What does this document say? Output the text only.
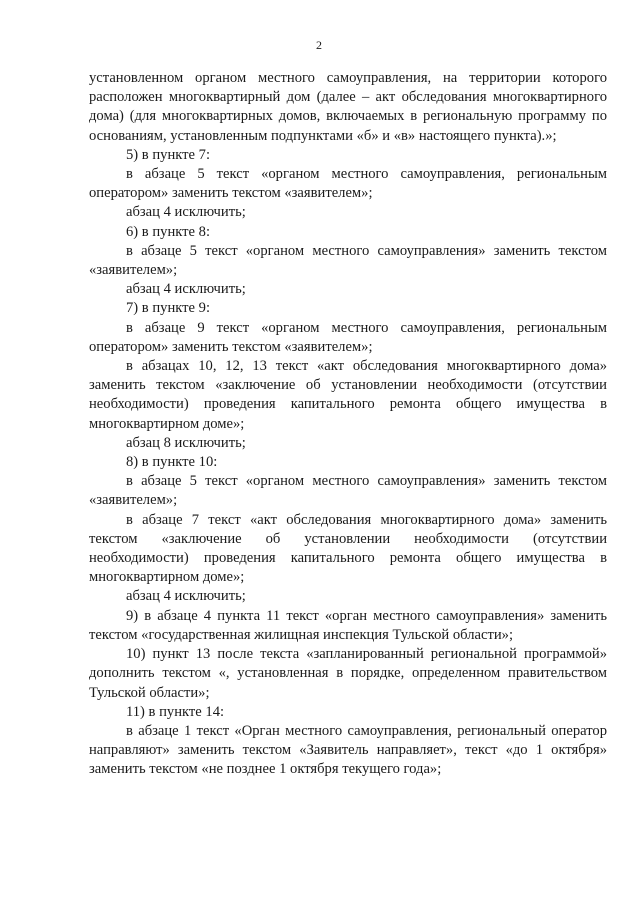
2

установленном органом местного самоуправления, на территории которого расположен многоквартирный дом (далее – акт обследования многоквартирного дома) (для многоквартирных домов, включаемых в региональную программу по основаниям, установленным подпунктами «б» и «в» настоящего пункта).»;

5) в пункте 7:

в абзаце 5 текст «органом местного самоуправления, региональным оператором» заменить текстом «заявителем»;

абзац 4 исключить;

6) в пункте 8:

в абзаце 5 текст «органом местного самоуправления» заменить текстом «заявителем»;

абзац 4 исключить;

7) в пункте 9:

в абзаце 9 текст «органом местного самоуправления, региональным оператором» заменить текстом «заявителем»;

в абзацах 10, 12, 13 текст «акт обследования многоквартирного дома» заменить текстом «заключение об установлении необходимости (отсутствии необходимости) проведения капитального ремонта общего имущества в многоквартирном доме»;

абзац 8 исключить;

8) в пункте 10:

в абзаце 5 текст «органом местного самоуправления» заменить текстом «заявителем»;

в абзаце 7 текст «акт обследования многоквартирного дома» заменить текстом «заключение об установлении необходимости (отсутствии необходимости) проведения капитального ремонта общего имущества в многоквартирном доме»;

абзац 4 исключить;

9) в абзаце 4 пункта 11 текст «орган местного самоуправления» заменить текстом «государственная жилищная инспекция Тульской области»;

10) пункт 13 после текста «запланированный региональной программой» дополнить текстом «, установленная в порядке, определенном правительством Тульской области»;

11) в пункте 14:

в абзаце 1 текст «Орган местного самоуправления, региональный оператор направляют» заменить текстом «Заявитель направляет», текст «до 1 октября» заменить текстом «не позднее 1 октября текущего года»;
